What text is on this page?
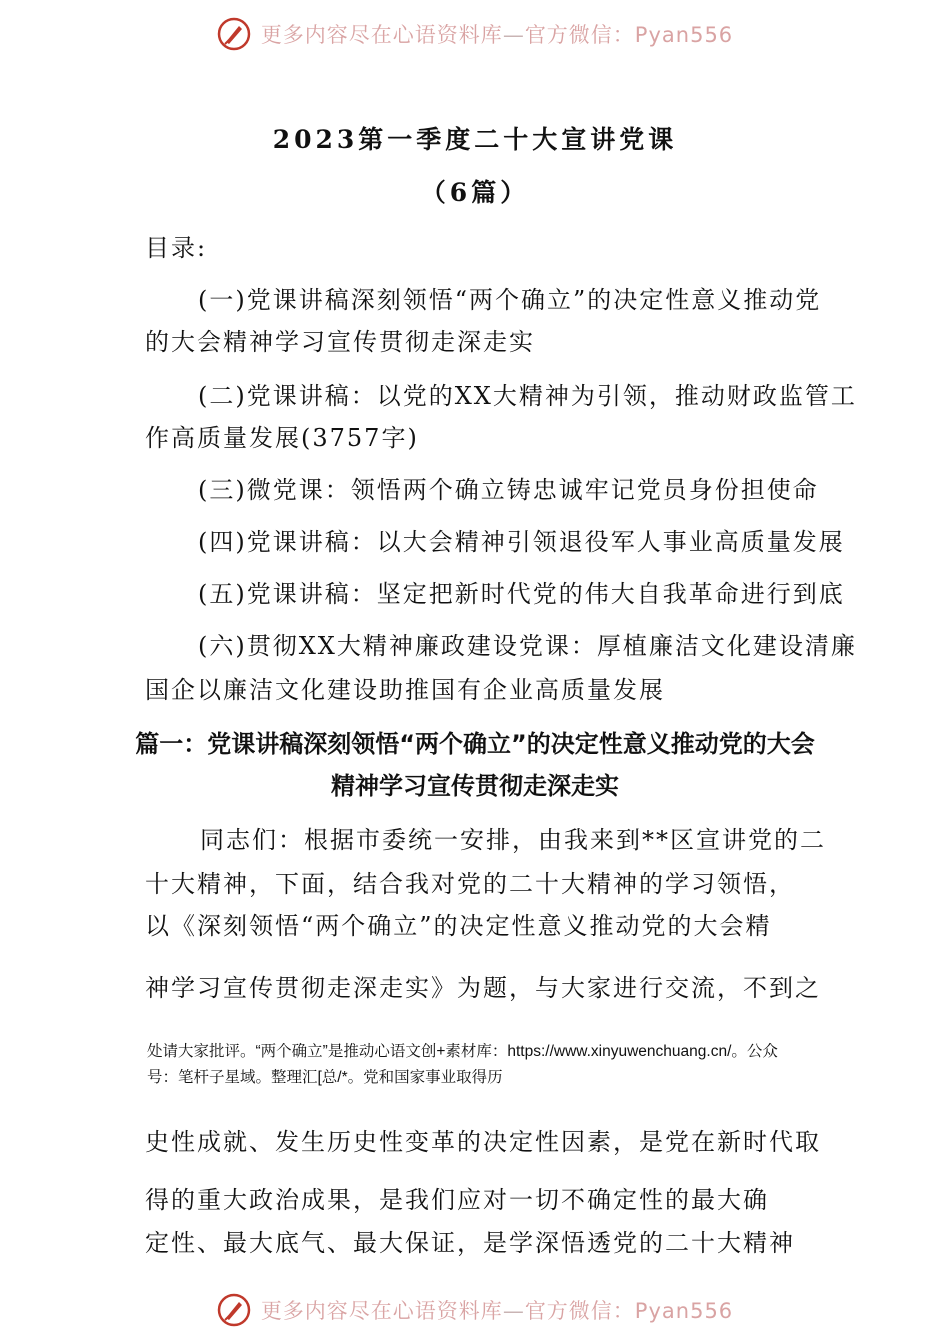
更多内容尽在心语资料库—官方微信：Pyan556
2023第一季度二十大宣讲党课
（6篇）
目录:
(一)党课讲稿深刻领悟“两个确立”的决定性意义推动党
的大会精神学习宣传贯彻走深走实
(二)党课讲稿：以党的XX大精神为引领，推动财政监管工
作高质量发展(3757字)
(三)微党课：领悟两个确立铸忠诚牢记党员身份担使命
(四)党课讲稿：以大会精神引领退役军人事业高质量发展
(五)党课讲稿：坚定把新时代党的伟大自我革命进行到底
(六)贯彻XX大精神廉政建设党课：厚植廉洁文化建设清廉
国企以廉洁文化建设助推国有企业高质量发展
篇一：党课讲稿深刻领悟“两个确立”的决定性意义推动党的大会
精神学习宣传贯彻走深走实
同志们：根据市委统一安排，由我来到**区宣讲党的二
十大精神，下面，结合我对党的二十大精神的学习领悟，
以《深刻领悟“两个确立”的决定性意义推动党的大会精
神学习宣传贯彻走深走实》为题，与大家进行交流，不到之
处请大家批评。“两个确立”是推动心语文创+素材库：https://www.xinyuwenchuang.cn/。公众
号：笔杆子星域。整理汇[总/*。党和国家事业取得历
史性成就、发生历史性变革的决定性因素，是党在新时代取
得的重大政治成果，是我们应对一切不确定性的最大确
定性、最大底气、最大保证，是学深悟透党的二十大精神
更多内容尽在心语资料库—官方微信：Pyan556
